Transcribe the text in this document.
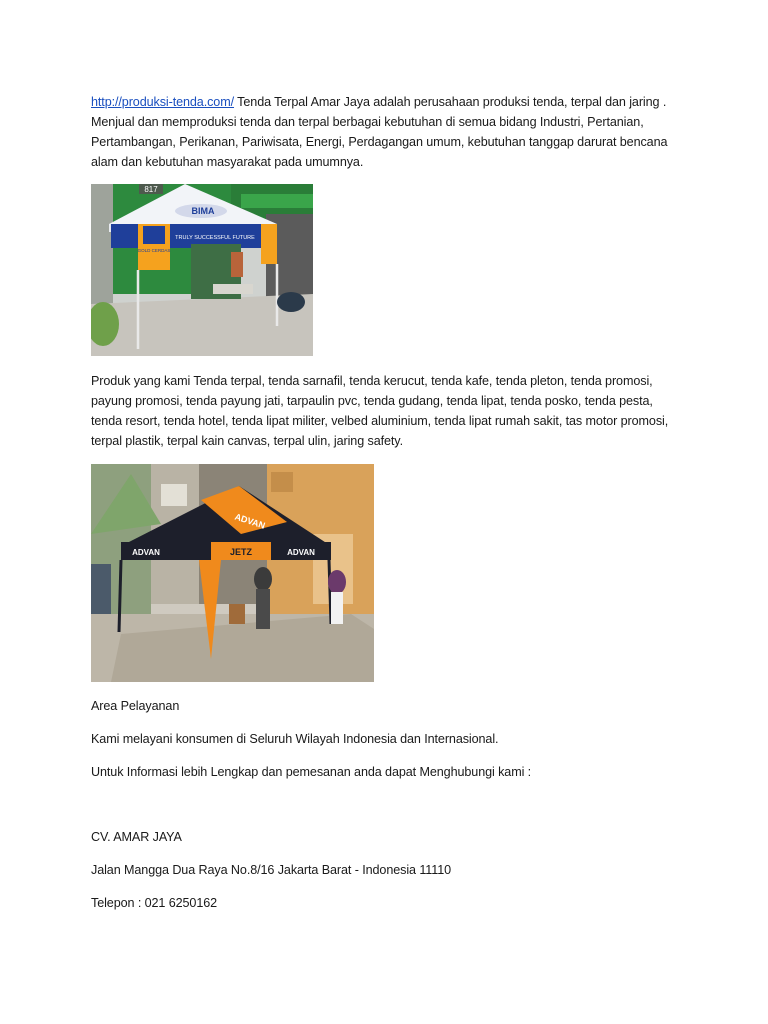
http://produksi-tenda.com/ Tenda Terpal Amar Jaya adalah perusahaan produksi tenda, terpal dan jaring . Menjual dan memproduksi tenda dan terpal berbagai kebutuhan di semua bidang Industri, Pertanian, Pertambangan, Perikanan, Pariwisata, Energi, Perdagangan umum, kebutuhan tanggap darurat bencana alam dan kebutuhan masyarakat pada umumnya.

817
BIMA
TRULY SUCCESSFUL FUTURE
GOLD CERDAS

Produk yang kami Tenda terpal, tenda sarnafil, tenda kerucut, tenda kafe, tenda pleton, tenda promosi, payung promosi, tenda payung jati, tarpaulin pvc, tenda gudang, tenda lipat, tenda posko, tenda pesta, tenda resort, tenda hotel, tenda lipat militer, velbed aluminium, tenda lipat rumah sakit, tas motor promosi, terpal plastik, terpal kain canvas, terpal ulin, jaring safety.

ADVAN
ADVAN	JETZ	ADVAN

Area Pelayanan

Kami melayani konsumen di Seluruh Wilayah Indonesia dan Internasional.

Untuk Informasi lebih Lengkap dan pemesanan anda dapat Menghubungi kami :

CV. AMAR JAYA

Jalan Mangga Dua Raya No.8/16 Jakarta Barat - Indonesia 11110

Telepon : 021 6250162
